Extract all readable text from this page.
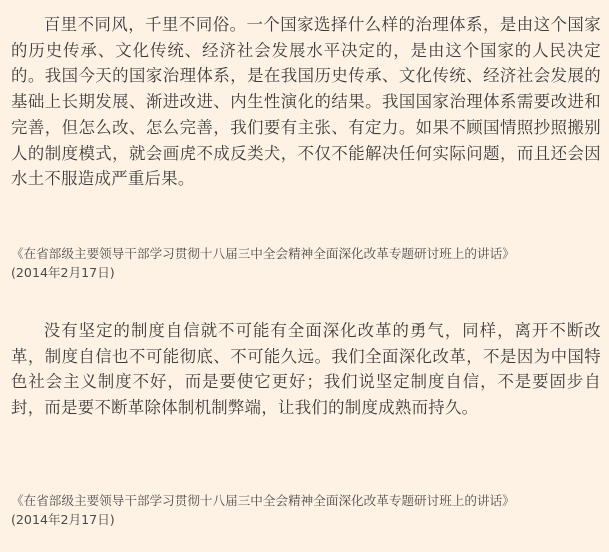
百里不同风，千里不同俗。一个国家选择什么样的治理体系，是由这个国家的历史传承、文化传统、经济社会发展水平决定的，是由这个国家的人民决定的。我国今天的国家治理体系，是在我国历史传承、文化传统、经济社会发展的基础上长期发展、渐进改进、内生性演化的结果。我国国家治理体系需要改进和完善，但怎么改、怎么完善，我们要有主张、有定力。如果不顾国情照抄照搬别人的制度模式，就会画虎不成反类犬，不仅不能解决任何实际问题，而且还会因水土不服造成严重后果。

《在省部级主要领导干部学习贯彻十八届三中全会精神全面深化改革专题研讨班上的讲话》
(2014年2月17日)

没有坚定的制度自信就不可能有全面深化改革的勇气，同样，离开不断改革，制度自信也不可能彻底、不可能久远。我们全面深化改革，不是因为中国特色社会主义制度不好，而是要使它更好；我们说坚定制度自信，不是要固步自封，而是要不断革除体制机制弊端，让我们的制度成熟而持久。

《在省部级主要领导干部学习贯彻十八届三中全会精神全面深化改革专题研讨班上的讲话》
(2014年2月17日)
